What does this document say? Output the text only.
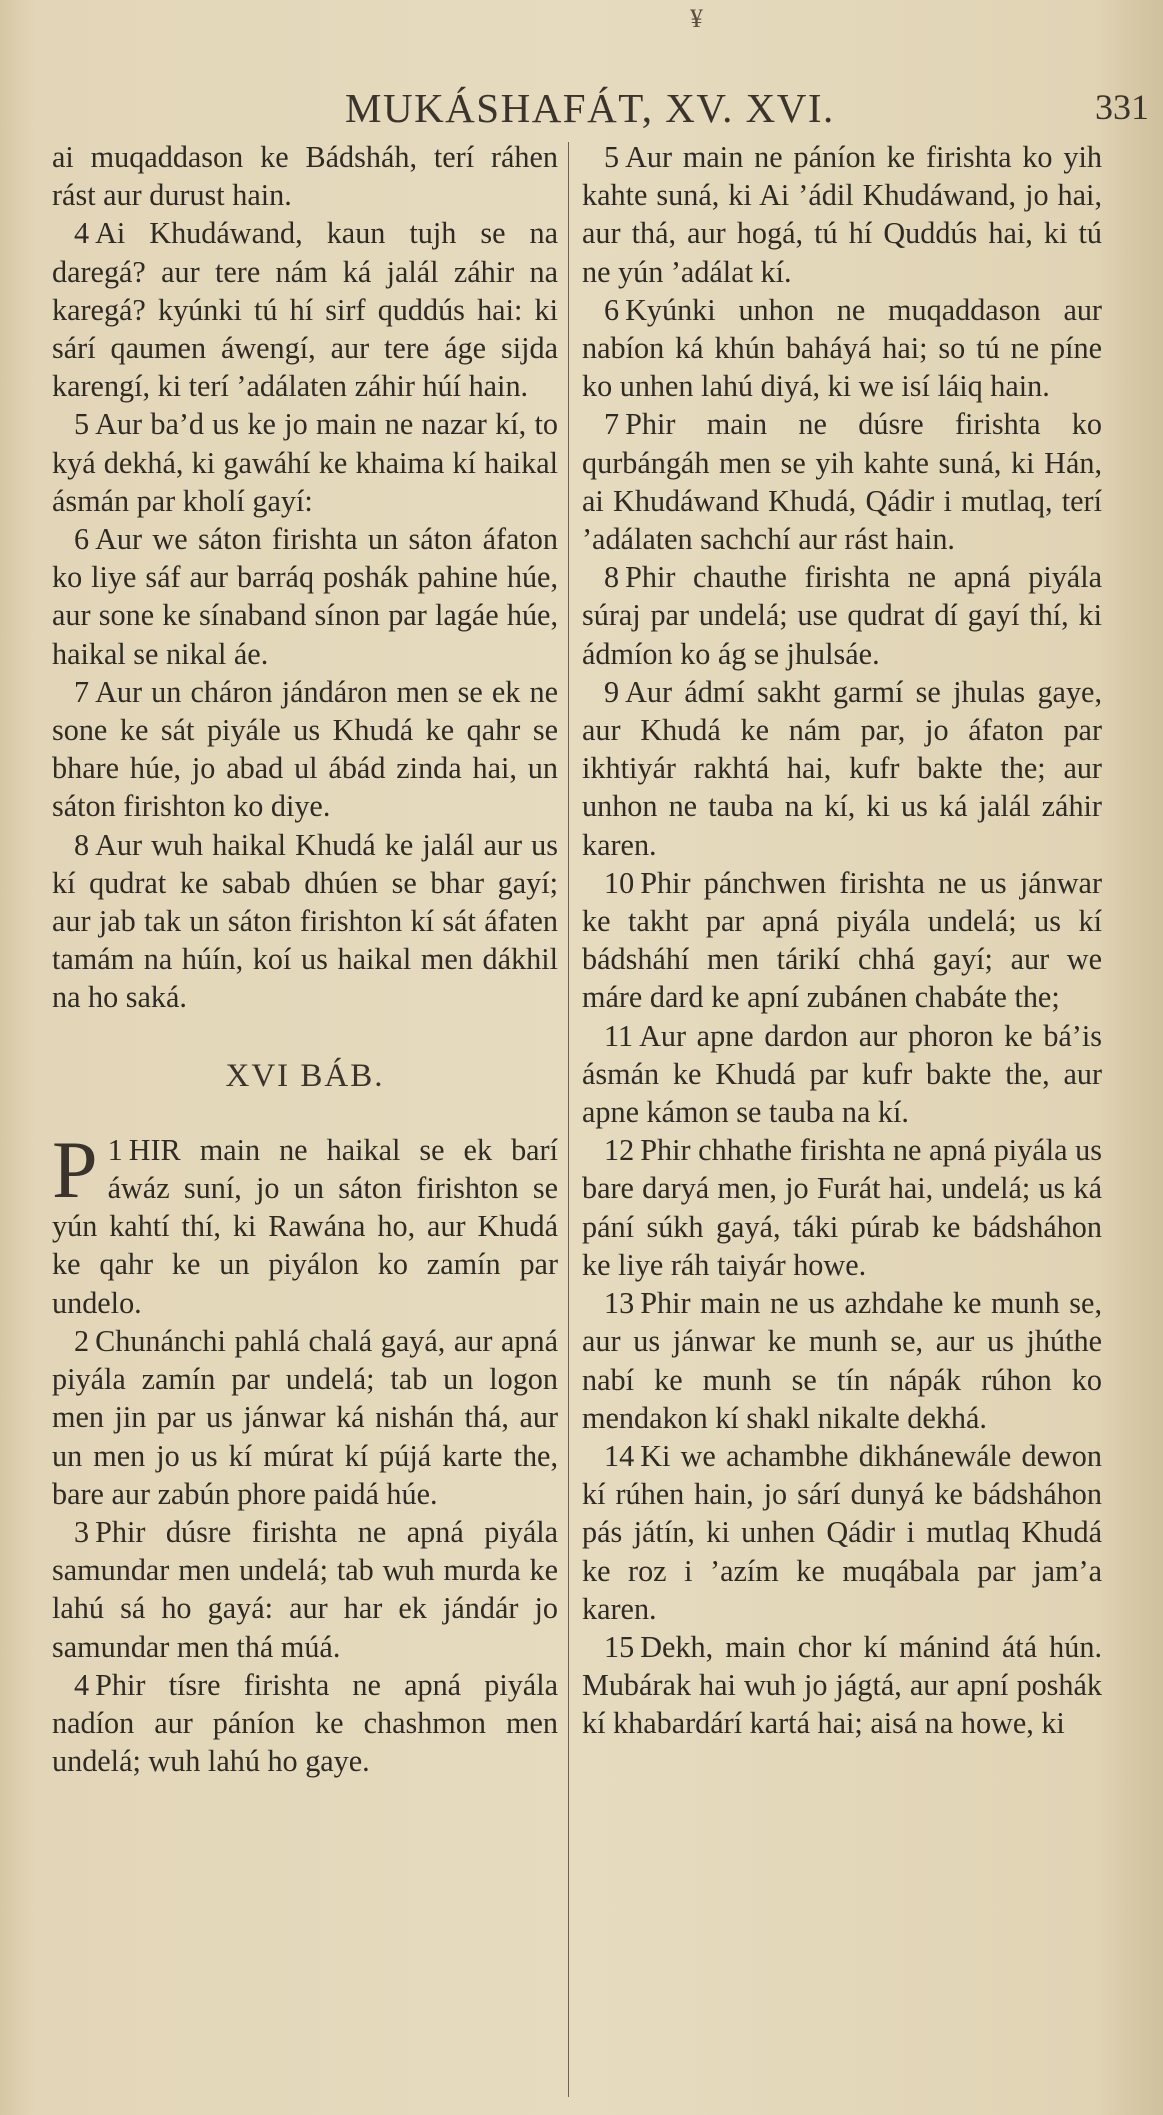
¥
MUKÁSHAFÁT, XV. XVI.	331

ai muqaddason ke Bádsháh, terí ráhen rást aur durust hain.

4 Ai Khudáwand, kaun tujh se na daregá? aur tere nám ká jalál záhir na karegá? kyúnki tú hí sirf quddús hai: ki sárí qaumen áwengí, aur tere áge sijda karengí, ki terí ’adálaten záhir húí hain.

5 Aur ba’d us ke jo main ne nazar kí, to kyá dekhá, ki gawáhí ke khaima kí haikal ásmán par kholí gayí:

6 Aur we sáton firishta un sáton áfaton ko liye sáf aur barráq poshák pahine húe, aur sone ke sínaband sínon par lagáe húe, haikal se nikal áe.

7 Aur un cháron jándáron men se ek ne sone ke sát piyále us Khudá ke qahr se bhare húe, jo abad ul ábád zinda hai, un sáton firishton ko diye.

8 Aur wuh haikal Khudá ke jalál aur us kí qudrat ke sabab dhúen se bhar gayí; aur jab tak un sáton firishton kí sát áfaten tamám na húín, koí us haikal men dákhil na ho saká.

XVI BÁB.

1
P HIR main ne haikal se ek barí áwáz suní, jo un sáton firishton se yún kahtí thí, ki Rawána ho, aur Khudá ke qahr ke un piyálon ko zamín par undelo.

2 Chunánchi pahlá chalá gayá, aur apná piyála zamín par undelá; tab un logon men jin par us jánwar ká nishán thá, aur un men jo us kí múrat kí pújá karte the, bare aur zabún phore paidá húe.

3 Phir dúsre firishta ne apná piyála samundar men undelá; tab wuh murda ke lahú sá ho gayá: aur har ek jándár jo samundar men thá múá.

4 Phir tísre firishta ne apná piyála nadíon aur páníon ke chashmon men undelá; wuh lahú ho gaye.

5 Aur main ne páníon ke firishta ko yih kahte suná, ki Ai ’ádil Khudáwand, jo hai, aur thá, aur hogá, tú hí Quddús hai, ki tú ne yún ’adálat kí.

6 Kyúnki unhon ne muqaddason aur nabíon ká khún baháyá hai; so tú ne píne ko unhen lahú diyá, ki we isí láiq hain.

7 Phir main ne dúsre firishta ko qurbángáh men se yih kahte suná, ki Hán, ai Khudáwand Khudá, Qádir i mutlaq, terí ’adálaten sachchí aur rást hain.

8 Phir chauthe firishta ne apná piyála súraj par undelá; use qudrat dí gayí thí, ki ádmíon ko ág se jhulsáe.

9 Aur ádmí sakht garmí se jhulas gaye, aur Khudá ke nám par, jo áfaton par ikhtiyár rakhtá hai, kufr bakte the; aur unhon ne tauba na kí, ki us ká jalál záhir karen.

10 Phir pánchwen firishta ne us jánwar ke takht par apná piyála undelá; us kí bádsháhí men tárikí chhá gayí; aur we máre dard ke apní zubánen chabáte the;

11 Aur apne dardon aur phoron ke bá’is ásmán ke Khudá par kufr bakte the, aur apne kámon se tauba na kí.

12 Phir chhathe firishta ne apná piyála us bare daryá men, jo Furát hai, undelá; us ká pání súkh gayá, táki púrab ke bádsháhon ke liye ráh taiyár howe.

13 Phir main ne us azhdahe ke munh se, aur us jánwar ke munh se, aur us jhúthe nabí ke munh se tín nápák rúhon ko mendakon kí shakl nikalte dekhá.

14 Ki we achambhe dikhánewále dewon kí rúhen hain, jo sárí dunyá ke bádsháhon pás játín, ki unhen Qádir i mutlaq Khudá ke roz i ’azím ke muqábala par jam’a karen.

15 Dekh, main chor kí mánind átá hún. Mubárak hai wuh jo jágtá, aur apní poshák kí khabardárí kartá hai; aisá na howe, ki
